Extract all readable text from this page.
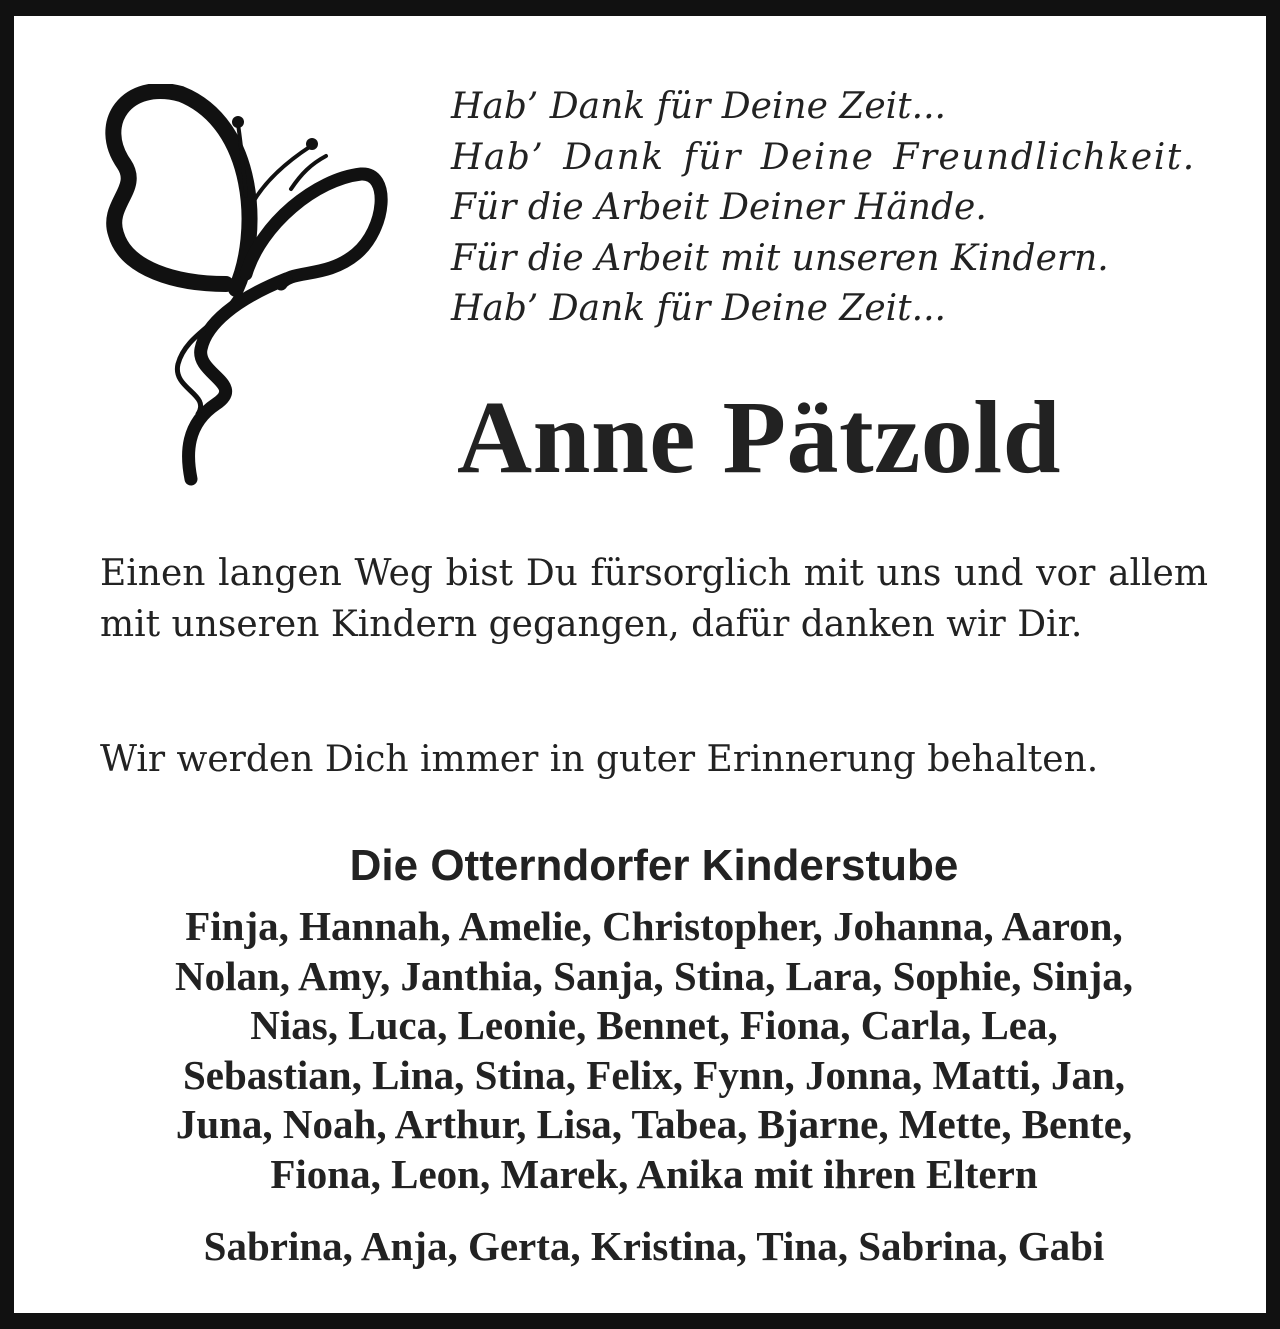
Hab’ Dank für Deine Zeit...
Hab’ Dank für Deine Freundlichkeit.
Für die Arbeit Deiner Hände.
Für die Arbeit mit unseren Kindern.
Hab’ Dank für Deine Zeit...
Anne Pätzold

Einen langen Weg bist Du fürsorglich mit uns und vor allem mit unseren Kindern gegangen, dafür danken wir Dir.

Wir werden Dich immer in guter Erinnerung behalten.

Die Otterndorfer Kinderstube
Finja, Hannah, Amelie, Christopher, Johanna, Aaron,
Nolan, Amy, Janthia, Sanja, Stina, Lara, Sophie, Sinja,
Nias, Luca, Leonie, Bennet, Fiona, Carla, Lea,
Sebastian, Lina, Stina, Felix, Fynn, Jonna, Matti, Jan,
Juna, Noah, Arthur, Lisa, Tabea, Bjarne, Mette, Bente,
Fiona, Leon, Marek, Anika mit ihren Eltern

Sabrina, Anja, Gerta, Kristina, Tina, Sabrina, Gabi
